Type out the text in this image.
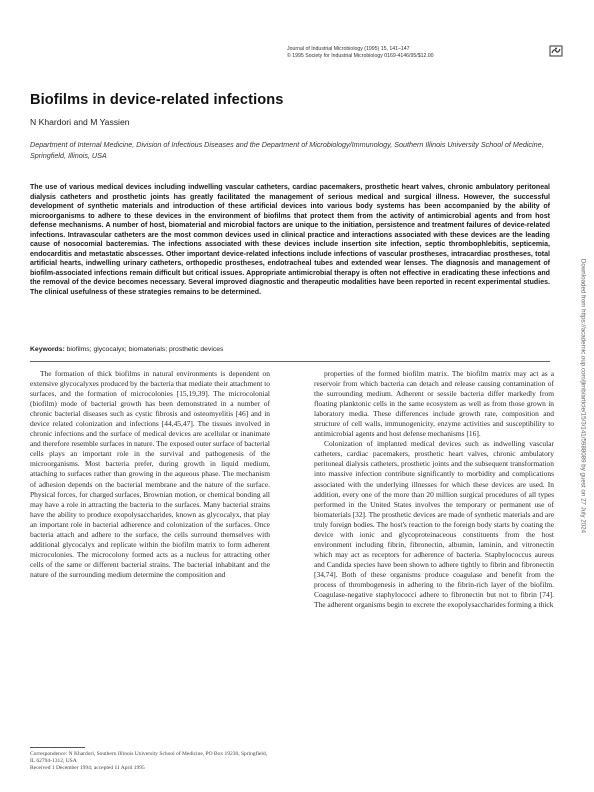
Journal of Industrial Microbiology (1995) 15, 141–147
© 1995 Society for Industrial Microbiology 0169-4146/95/$12.00
Biofilms in device-related infections
N Khardori and M Yassien
Department of Internal Medicine, Division of Infectious Diseases and the Department of Microbiology/Immunology, Southern Illinois University School of Medicine, Springfield, Illinois, USA
The use of various medical devices including indwelling vascular catheters, cardiac pacemakers, prosthetic heart valves, chronic ambulatory peritoneal dialysis catheters and prosthetic joints has greatly facilitated the management of serious medical and surgical illness. However, the successful development of synthetic materials and introduction of these artificial devices into various body systems has been accompanied by the ability of microorganisms to adhere to these devices in the environment of biofilms that protect them from the activity of antimicrobial agents and from host defense mechanisms. A number of host, biomaterial and microbial factors are unique to the initiation, persistence and treatment failures of device-related infections. Intravascular catheters are the most common devices used in clinical practice and interactions associated with these devices are the leading cause of nosocomial bacteremias. The infections associated with these devices include insertion site infection, septic thrombophlebitis, septicemia, endocarditis and metastatic abscesses. Other important device-related infections include infections of vascular prostheses, intracardiac prostheses, total artificial hearts, indwelling urinary catheters, orthopedic prostheses, endotracheal tubes and extended wear lenses. The diagnosis and management of biofilm-associated infections remain difficult but critical issues. Appropriate antimicrobial therapy is often not effective in eradicating these infections and the removal of the device becomes necessary. Several improved diagnostic and therapeutic modalities have been reported in recent experimental studies. The clinical usefulness of these strategies remains to be determined.
Keywords: biofilms; glycocalyx; biomaterials; prosthetic devices

The formation of thick biofilms in natural environments is dependent on extensive glycocalyxes produced by the bacteria that mediate their attachment to surfaces, and the formation of microcolonies [15,19,39]. The microcolonial (biofilm) mode of bacterial growth has been demonstrated in a number of chronic bacterial diseases such as cystic fibrosis and osteomyelitis [46] and in device related colonization and infections [44,45,47]. The tissues involved in chronic infections and the surface of medical devices are acellular or inanimate and therefore resemble surfaces in nature. The exposed outer surface of bacterial cells plays an important role in the survival and pathogenesis of the microorganisms. Most bacteria prefer, during growth in liquid medium, attaching to surfaces rather than growing in the aqueous phase. The mechanism of adhesion depends on the bacterial membrane and the nature of the surface. Physical forces, for charged surfaces, Brownian motion, or chemical bonding all may have a role in attracting the bacteria to the surfaces. Many bacterial strains have the ability to produce exopolysaccharides, known as glycocalyx, that play an important role in bacterial adherence and colonization of the surfaces. Once bacteria attach and adhere to the surface, the cells surround themselves with additional glycocalyx and replicate within the biofilm matrix to form adherent microcolonies. The microcolony formed acts as a nucleus for attracting other cells of the same or different bacterial strains. The bacterial inhabitant and the nature of the surrounding medium determine the composition and

properties of the formed biofilm matrix. The biofilm matrix may act as a reservoir from which bacteria can detach and release causing contamination of the surrounding medium. Adherent or sessile bacteria differ markedly from floating planktonic cells in the same ecosystem as well as from those grown in laboratory media. These differences include growth rate, composition and structure of cell walls, immunogenicity, enzyme activities and susceptibility to antimicrobial agents and host defense mechanisms [16].

Colonization of implanted medical devices such as indwelling vascular catheters, cardiac pacemakers, prosthetic heart valves, chronic ambulatory peritoneal dialysis catheters, prosthetic joints and the subsequent transformation into massive infection contribute significantly to morbidity and complications associated with the underlying illnesses for which these devices are used. In addition, every one of the more than 20 million surgical procedures of all types performed in the United States involves the temporary or permanent use of biomaterials [32]. The prosthetic devices are made of synthetic materials and are truly foreign bodies. The host's reaction to the foreign body starts by coating the device with ionic and glycoproteinaceous constituents from the host environment including fibrin, fibronectin, albumin, laminin, and vitronectin which may act as receptors for adherence of bacteria. Staphylococcus aureus and Candida species have been shown to adhere tightly to fibrin and fibronectin [34,74]. Both of these organisms produce coagulase and benefit from the process of thrombogenesis in adhering to the fibrin-rich layer of the biofilm. Coagulase-negative staphylococci adhere to fibronectin but not to fibrin [74]. The adherent organisms begin to excrete the exopolysaccharides forming a thick

Correspondence: N Khardori, Southern Illinois University School of Medicine, PO Box 19230, Springfield, IL 62794-1312, USA
Received 1 December 1994; accepted 11 April 1995
Downloaded from https://academic.oup.com/jimb/article/15/3/141/5988089 by guest on 27 July 2024
